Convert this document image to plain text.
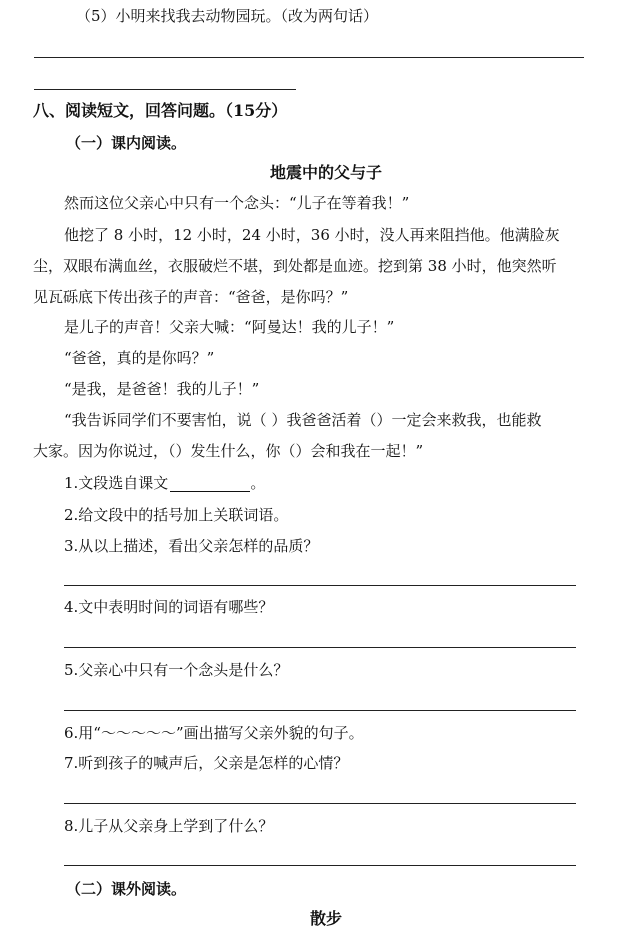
（5）小明来找我去动物园玩。（改为两句话）
八、阅读短文，回答问题。（15分）
（一）课内阅读。
地震中的父与子
然而这位父亲心中只有一个念头：“儿子在等着我！”
他挖了 8 小时，12 小时，24 小时，36 小时，没人再来阻挡他。他满脸灰
尘，双眼布满血丝，衣服破烂不堪，到处都是血迹。挖到第 38 小时，他突然听
见瓦砾底下传出孩子的声音：“爸爸，是你吗？”
是儿子的声音！父亲大喊：“阿曼达！我的儿子！”
“爸爸，真的是你吗？”
“是我，是爸爸！我的儿子！”
“我告诉同学们不要害怕，说（ ）我爸爸活着（）一定会来救我，也能救
大家。因为你说过，（）发生什么，你（）会和我在一起！”
1.文段选自课文	。
2.给文段中的括号加上关联词语。
3.从以上描述，看出父亲怎样的品质？
4.文中表明时间的词语有哪些？
5.父亲心中只有一个念头是什么？
6.用“～～～～～”画出描写父亲外貌的句子。
7.听到孩子的喊声后，父亲是怎样的心情？
8.儿子从父亲身上学到了什么？
（二）课外阅读。
散步
